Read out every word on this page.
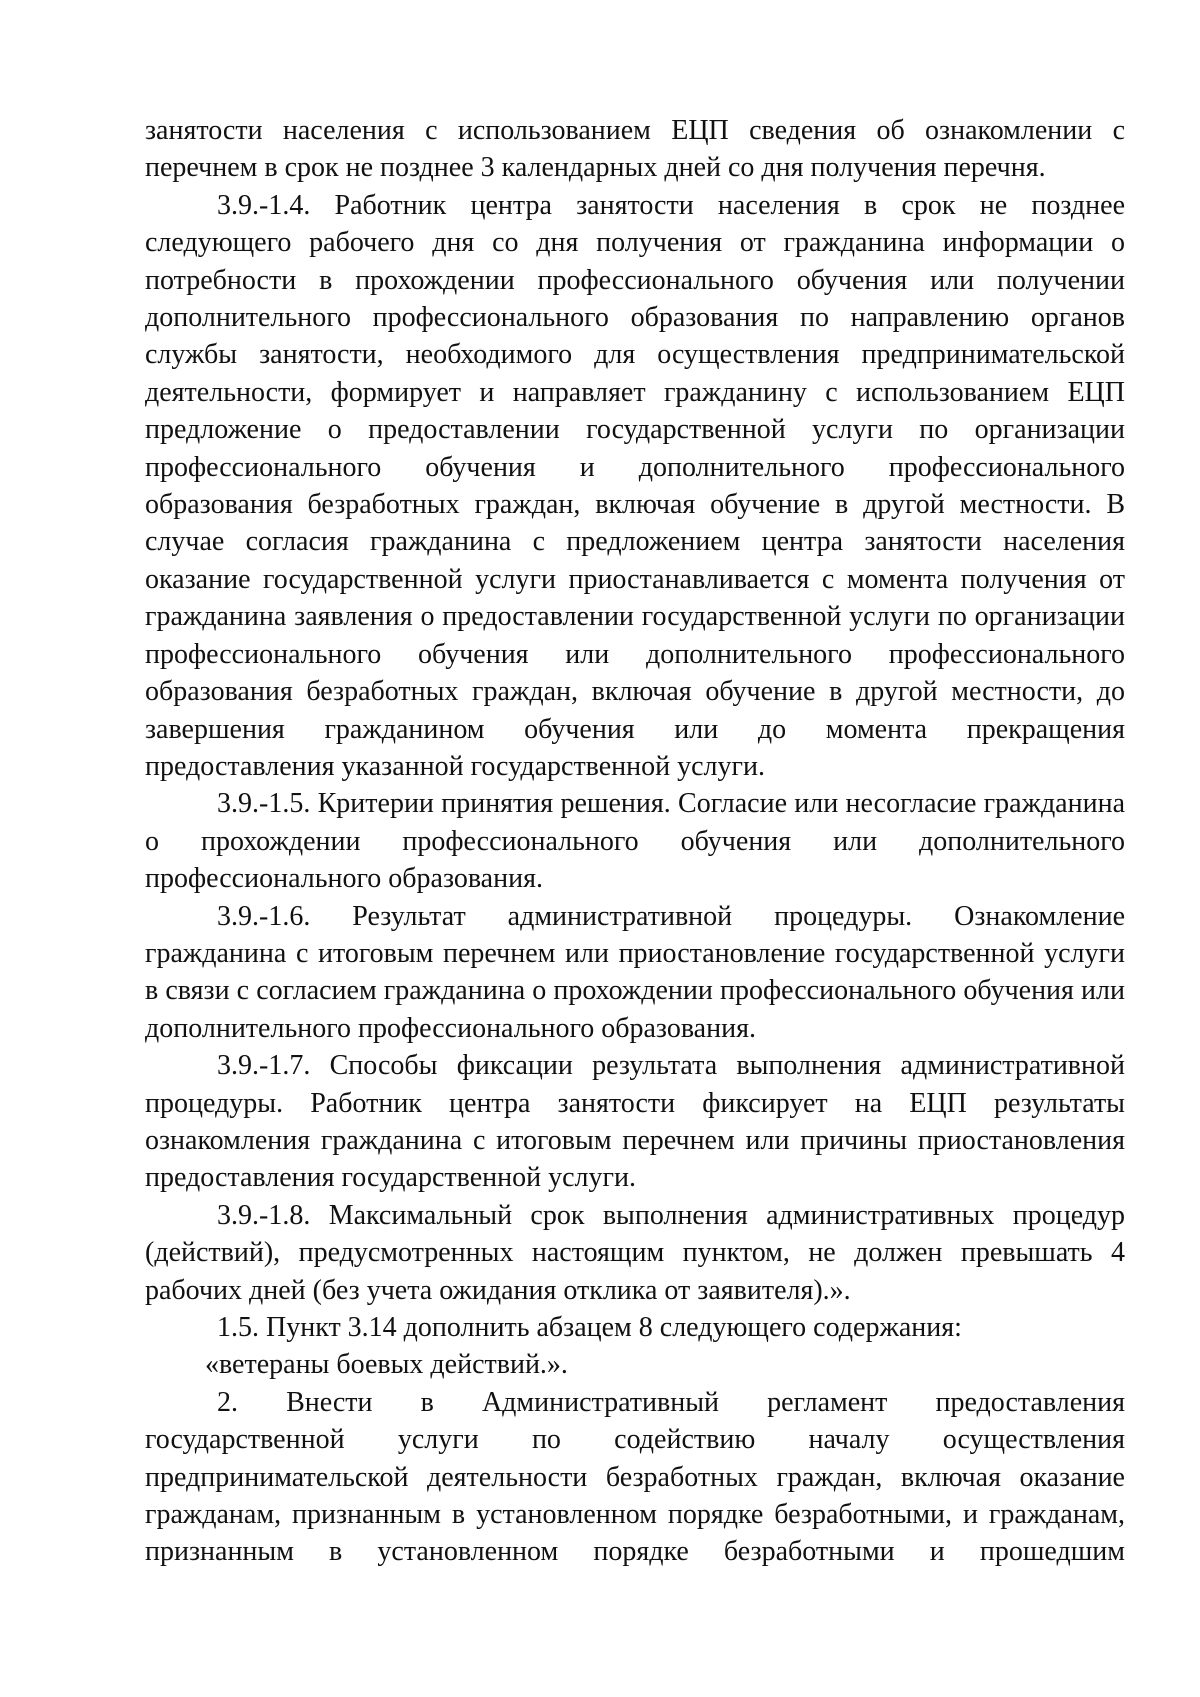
занятости населения с использованием ЕЦП сведения об ознакомлении с перечнем в срок не позднее 3 календарных дней со дня получения перечня.

3.9.-1.4. Работник центра занятости населения в срок не позднее следующего рабочего дня со дня получения от гражданина информации о потребности в прохождении профессионального обучения или получении дополнительного профессионального образования по направлению органов службы занятости, необходимого для осуществления предпринимательской деятельности, формирует и направляет гражданину с использованием ЕЦП предложение о предоставлении государственной услуги по организации профессионального обучения и дополнительного профессионального образования безработных граждан, включая обучение в другой местности. В случае согласия гражданина с предложением центра занятости населения оказание государственной услуги приостанавливается с момента получения от гражданина заявления о предоставлении государственной услуги по организации профессионального обучения или дополнительного профессионального образования безработных граждан, включая обучение в другой местности, до завершения гражданином обучения или до момента прекращения предоставления указанной государственной услуги.

3.9.-1.5. Критерии принятия решения. Согласие или несогласие гражданина о прохождении профессионального обучения или дополнительного профессионального образования.

3.9.-1.6. Результат административной процедуры. Ознакомление гражданина с итоговым перечнем или приостановление государственной услуги в связи с согласием гражданина о прохождении профессионального обучения или дополнительного профессионального образования.

3.9.-1.7. Способы фиксации результата выполнения административной процедуры. Работник центра занятости фиксирует на ЕЦП результаты ознакомления гражданина с итоговым перечнем или причины приостановления предоставления государственной услуги.

3.9.-1.8. Максимальный срок выполнения административных процедур (действий), предусмотренных настоящим пунктом, не должен превышать 4 рабочих дней (без учета ожидания отклика от заявителя).».

1.5. Пункт 3.14 дополнить абзацем 8 следующего содержания:

«ветераны боевых действий.».

2. Внести в Административный регламент предоставления государственной услуги по содействию началу осуществления предпринимательской деятельности безработных граждан, включая оказание гражданам, признанным в установленном порядке безработными, и гражданам, признанным в установленном порядке безработными и прошедшим
